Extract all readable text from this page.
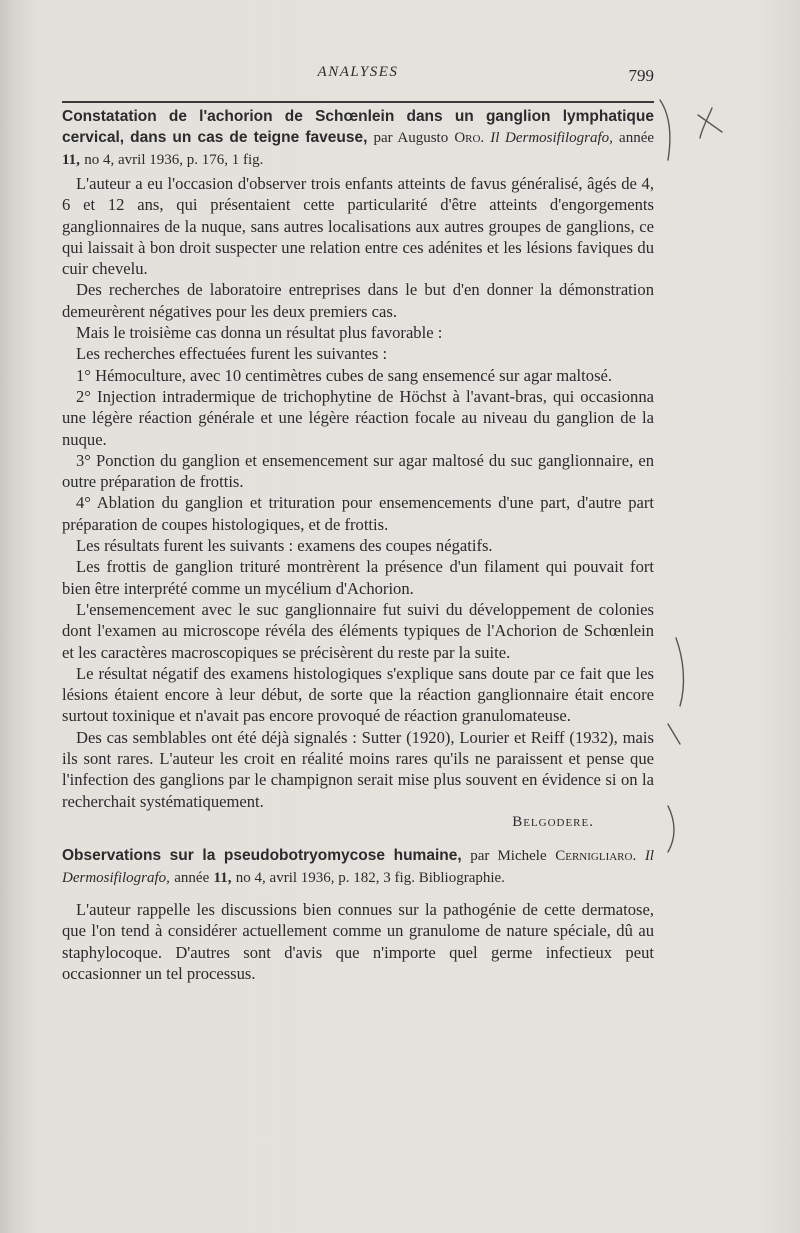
ANALYSES	799
Constatation de l'achorion de Schœnlein dans un ganglion lymphatique cervical, dans un cas de teigne faveuse, par Augusto Oro. Il Dermosifilografo, année 11, no 4, avril 1936, p. 176, 1 fig.

L'auteur a eu l'occasion d'observer trois enfants atteints de favus généralisé, âgés de 4, 6 et 12 ans, qui présentaient cette particularité d'être atteints d'engorgements ganglionnaires de la nuque, sans autres localisations aux autres groupes de ganglions, ce qui laissait à bon droit suspecter une relation entre ces adénites et les lésions faviques du cuir chevelu.

Des recherches de laboratoire entreprises dans le but d'en donner la démonstration demeurèrent négatives pour les deux premiers cas.

Mais le troisième cas donna un résultat plus favorable :

Les recherches effectuées furent les suivantes :

1° Hémoculture, avec 10 centimètres cubes de sang ensemencé sur agar maltosé.

2° Injection intradermique de trichophytine de Höchst à l'avant-bras, qui occasionna une légère réaction générale et une légère réaction focale au niveau du ganglion de la nuque.

3° Ponction du ganglion et ensemencement sur agar maltosé du suc ganglionnaire, en outre préparation de frottis.

4° Ablation du ganglion et trituration pour ensemencements d'une part, d'autre part préparation de coupes histologiques, et de frottis.

Les résultats furent les suivants : examens des coupes négatifs.

Les frottis de ganglion trituré montrèrent la présence d'un filament qui pouvait fort bien être interprété comme un mycélium d'Achorion.

L'ensemencement avec le suc ganglionnaire fut suivi du développement de colonies dont l'examen au microscope révéla des éléments typiques de l'Achorion de Schœnlein et les caractères macroscopiques se précisèrent du reste par la suite.

Le résultat négatif des examens histologiques s'explique sans doute par ce fait que les lésions étaient encore à leur début, de sorte que la réaction ganglionnaire était encore surtout toxinique et n'avait pas encore provoqué de réaction granulomateuse.

Des cas semblables ont été déjà signalés : Sutter (1920), Lourier et Reiff (1932), mais ils sont rares. L'auteur les croit en réalité moins rares qu'ils ne paraissent et pense que l'infection des ganglions par le champignon serait mise plus souvent en évidence si on la recherchait systématiquement.

Belgodere.

Observations sur la pseudobotryomycose humaine, par Michele Cernigliaro. Il Dermosifilografo, année 11, no 4, avril 1936, p. 182, 3 fig. Bibliographie.

L'auteur rappelle les discussions bien connues sur la pathogénie de cette dermatose, que l'on tend à considérer actuellement comme un granulome de nature spéciale, dû au staphylocoque. D'autres sont d'avis que n'importe quel germe infectieux peut occasionner un tel processus.
